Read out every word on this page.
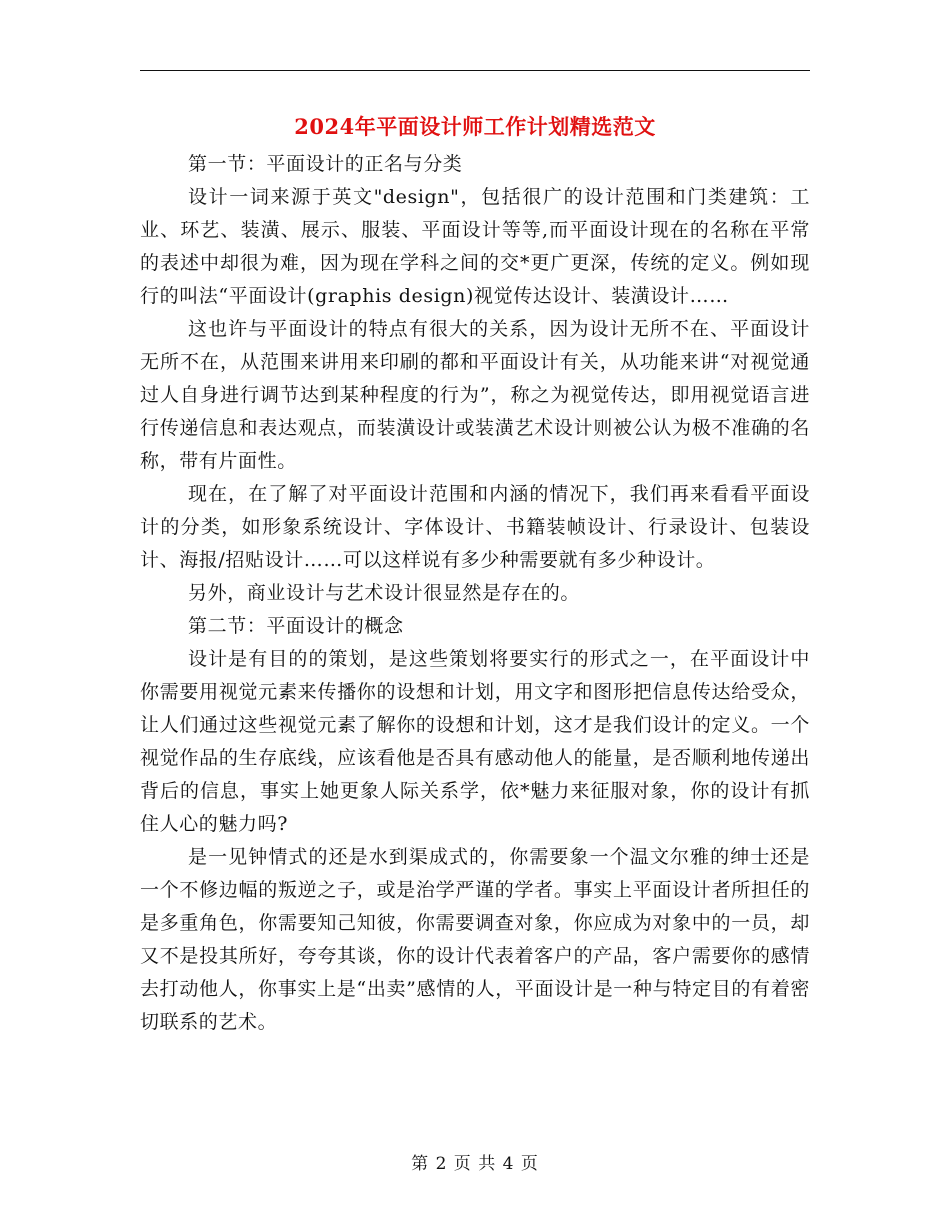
2024年平面设计师工作计划精选范文

第一节：平面设计的正名与分类

设计一词来源于英文"design"，包括很广的设计范围和门类建筑：工业、环艺、装潢、展示、服装、平面设计等等,而平面设计现在的名称在平常的表述中却很为难，因为现在学科之间的交*更广更深，传统的定义。例如现行的叫法“平面设计(graphis design)视觉传达设计、装潢设计……

这也许与平面设计的特点有很大的关系，因为设计无所不在、平面设计无所不在，从范围来讲用来印刷的都和平面设计有关，从功能来讲“对视觉通过人自身进行调节达到某种程度的行为”，称之为视觉传达，即用视觉语言进行传递信息和表达观点，而装潢设计或装潢艺术设计则被公认为极不准确的名称，带有片面性。

现在，在了解了对平面设计范围和内涵的情况下，我们再来看看平面设计的分类，如形象系统设计、字体设计、书籍装帧设计、行录设计、包装设计、海报/招贴设计……可以这样说有多少种需要就有多少种设计。

另外，商业设计与艺术设计很显然是存在的。

第二节：平面设计的概念

设计是有目的的策划，是这些策划将要实行的形式之一，在平面设计中你需要用视觉元素来传播你的设想和计划，用文字和图形把信息传达给受众，让人们通过这些视觉元素了解你的设想和计划，这才是我们设计的定义。一个视觉作品的生存底线，应该看他是否具有感动他人的能量，是否顺利地传递出背后的信息，事实上她更象人际关系学，依*魅力来征服对象，你的设计有抓住人心的魅力吗?

是一见钟情式的还是水到渠成式的，你需要象一个温文尔雅的绅士还是一个不修边幅的叛逆之子，或是治学严谨的学者。事实上平面设计者所担任的是多重角色，你需要知己知彼，你需要调查对象，你应成为对象中的一员，却又不是投其所好，夸夸其谈，你的设计代表着客户的产品，客户需要你的感情去打动他人，你事实上是“出卖”感情的人，平面设计是一种与特定目的有着密切联系的艺术。

第 2 页 共 4 页
